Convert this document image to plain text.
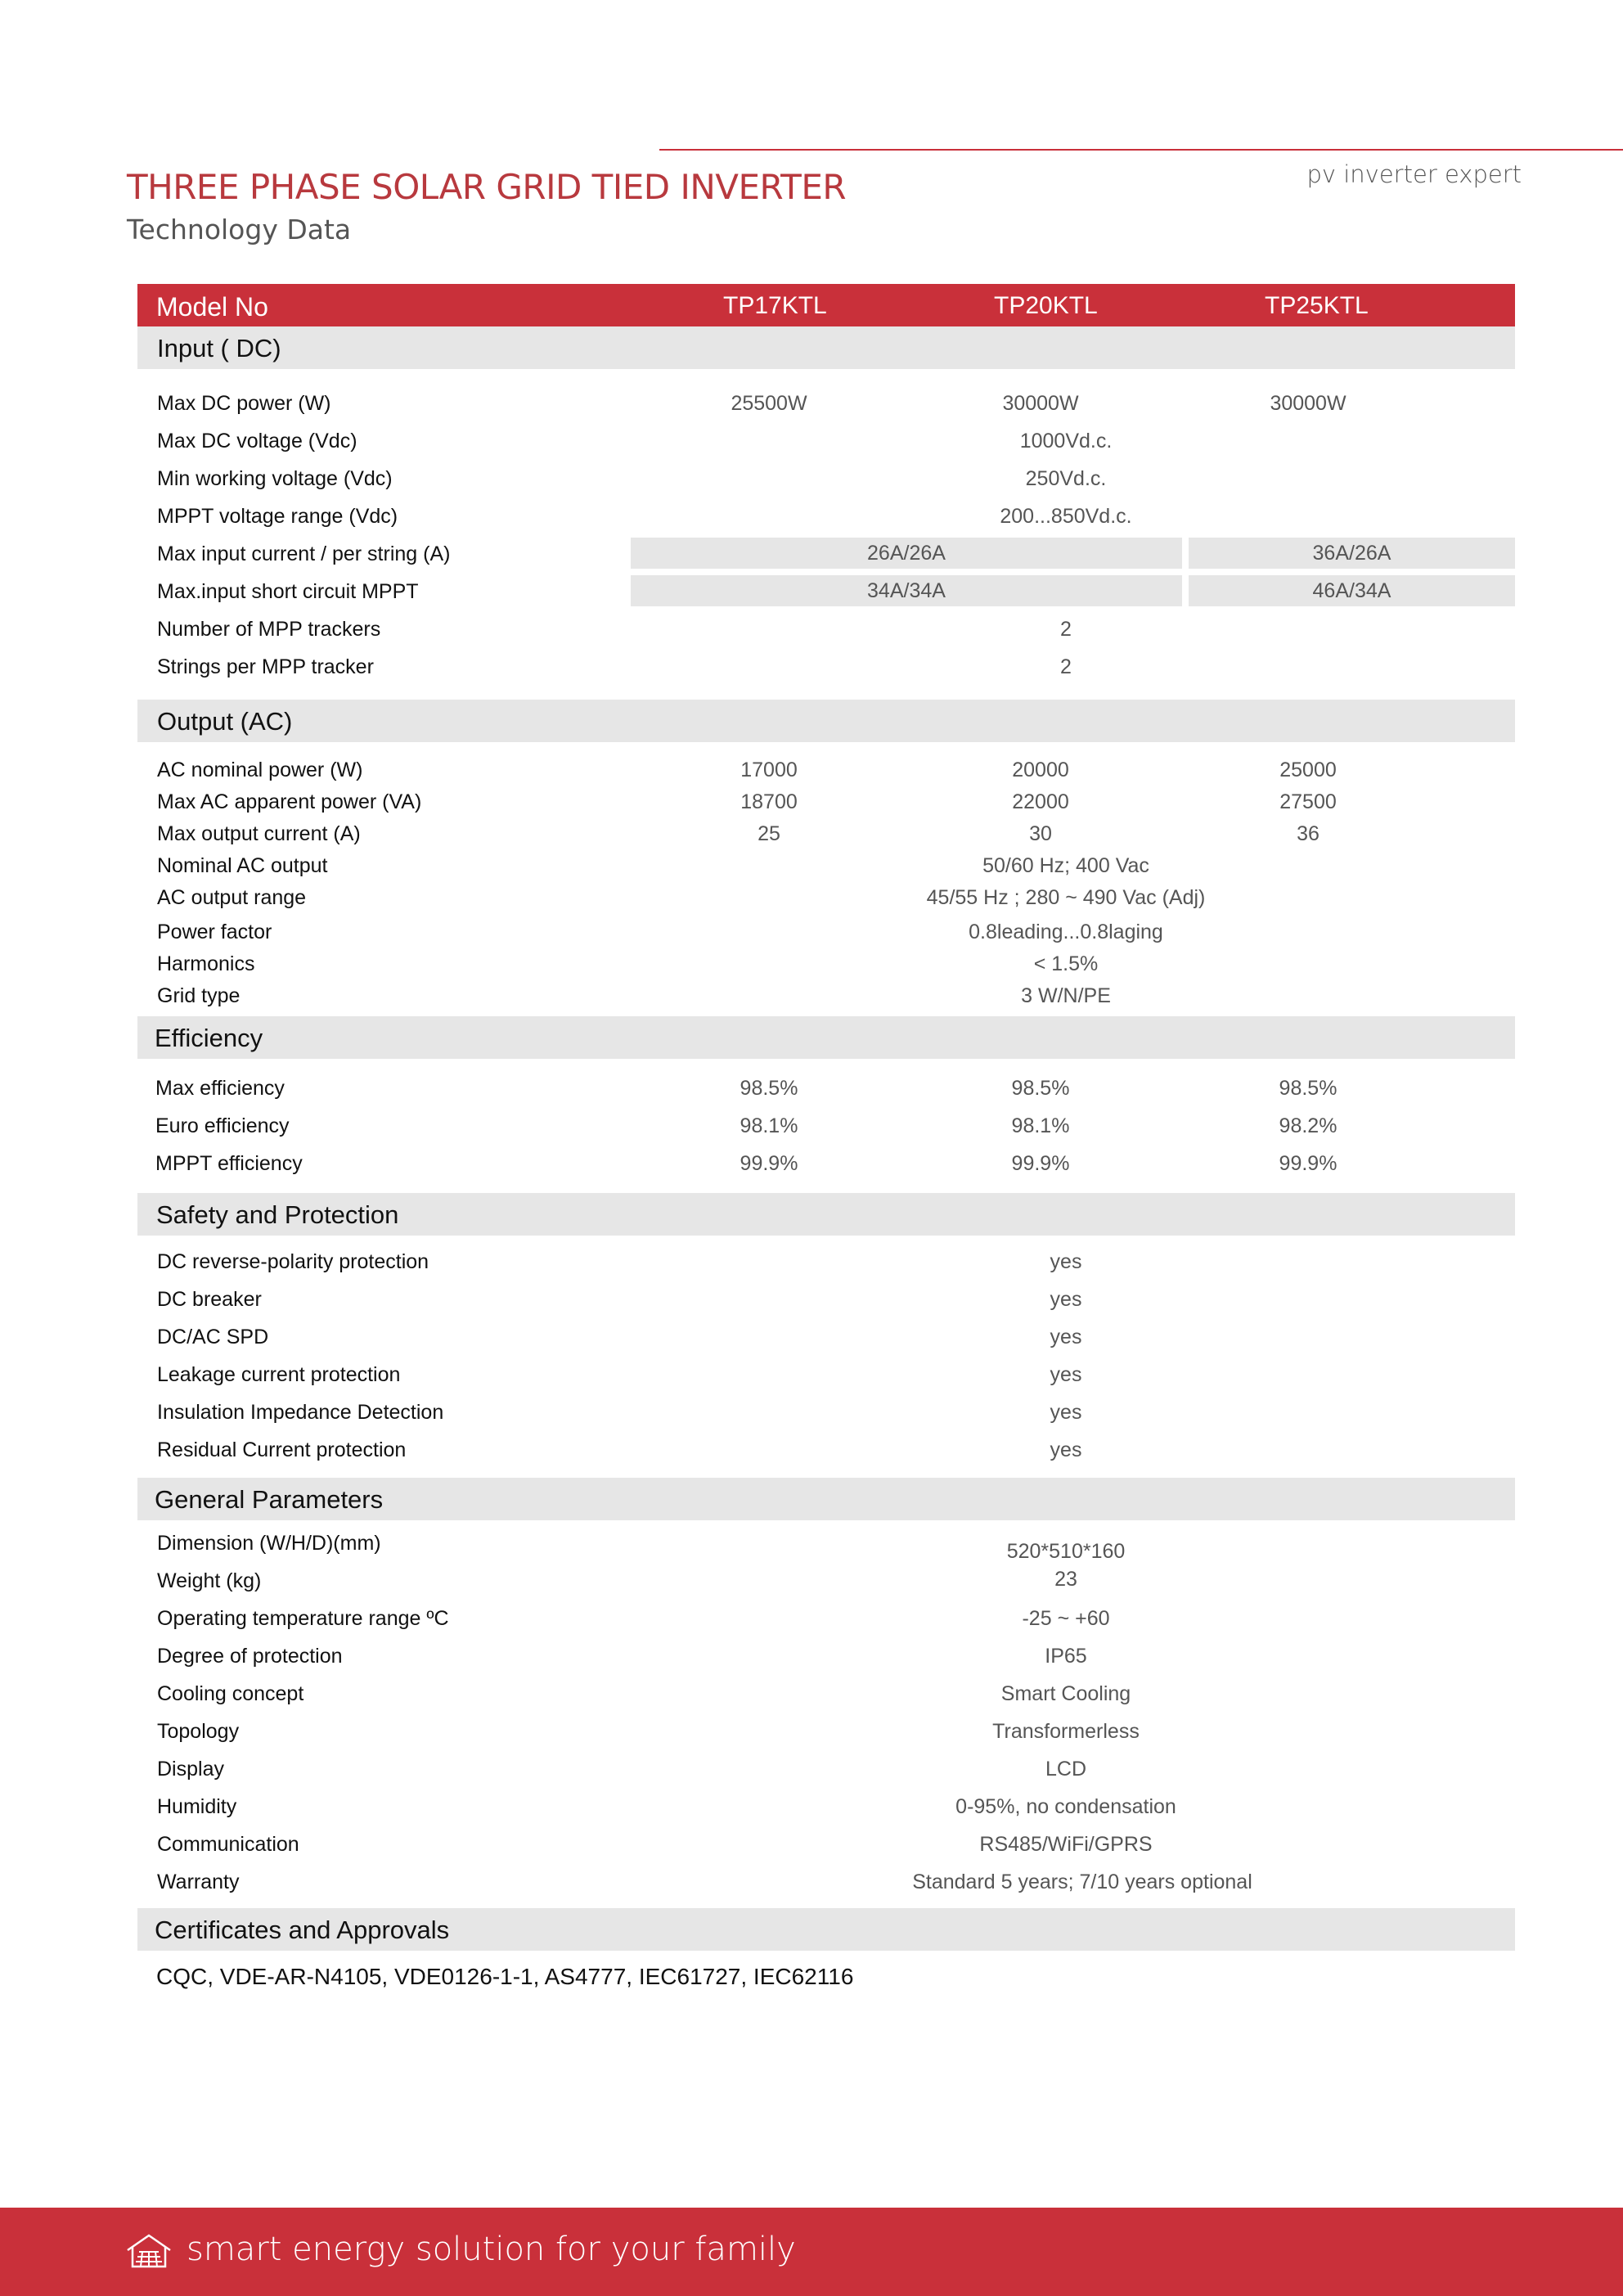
pv inverter expert
THREE PHASE SOLAR GRID TIED INVERTER
Technology Data
Model No	TP17KTL	TP20KTL	TP25KTL
Input ( DC)
Max DC power (W)	25500W	30000W	30000W
Max DC voltage (Vdc)	1000Vd.c.
Min working voltage (Vdc)	250Vd.c.
MPPT voltage range (Vdc)	200...850Vd.c.
Max input current / per string (A)	26A/26A	36A/26A
Max.input short circuit MPPT	34A/34A	46A/34A
Number of MPP trackers	2
Strings per MPP tracker	2
Output (AC)
AC nominal power (W)	17000	20000	25000
Max AC apparent power (VA)	18700	22000	27500
Max output current (A)	25	30	36
Nominal AC output	50/60 Hz; 400 Vac
AC output range	45/55 Hz ; 280 ~ 490 Vac (Adj)
Power factor	0.8leading...0.8laging
Harmonics	< 1.5%
Grid type	3 W/N/PE
Efficiency
Max efficiency	98.5%	98.5%	98.5%
Euro efficiency	98.1%	98.1%	98.2%
MPPT efficiency	99.9%	99.9%	99.9%
Safety and Protection
DC reverse-polarity protection	yes
DC breaker	yes
DC/AC SPD	yes
Leakage current protection	yes
Insulation Impedance Detection	yes
Residual Current protection	yes
General Parameters
Dimension (W/H/D)(mm)	520*510*160
Weight (kg)	23
Operating temperature range ºC	-25 ~ +60
Degree of protection	IP65
Cooling concept	Smart Cooling
Topology	Transformerless
Display	LCD
Humidity	0-95%, no condensation
Communication	RS485/WiFi/GPRS
Warranty	Standard 5 years; 7/10 years optional
Certificates and Approvals
CQC, VDE-AR-N4105, VDE0126-1-1, AS4777, IEC61727, IEC62116
smart energy solution for your family
